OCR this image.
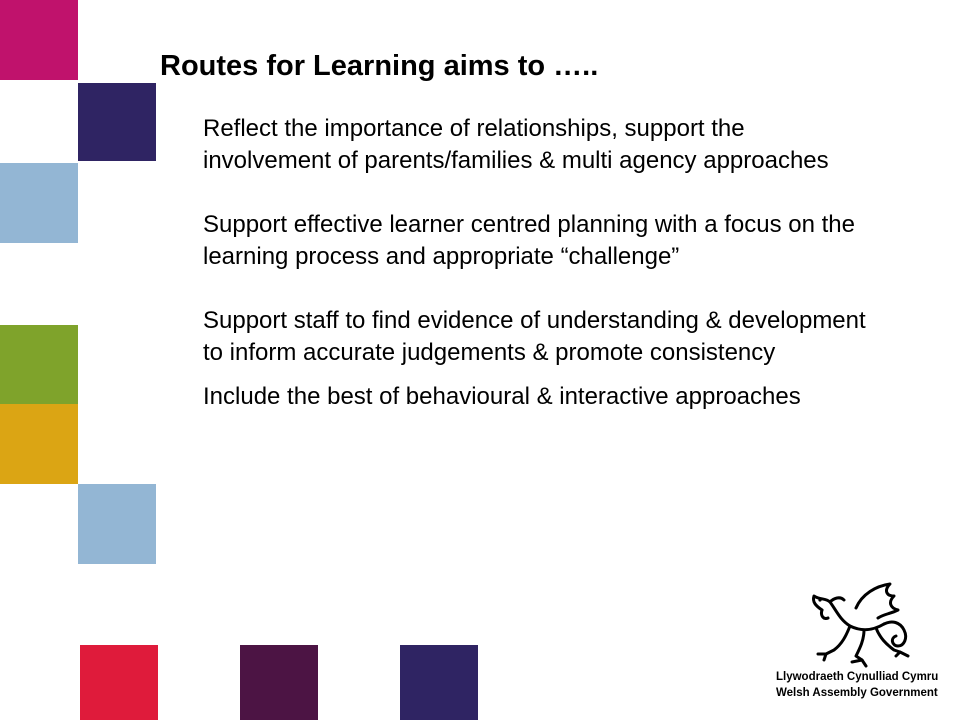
Routes for Learning aims to …..

Reflect the importance of relationships, support the involvement of parents/families & multi agency approaches

Support effective learner centred planning with a focus on the learning process and appropriate “challenge”

Support staff to find evidence of understanding & development to inform accurate judgements & promote consistency

Include the best of behavioural & interactive approaches

Llywodraeth Cynulliad Cymru
Welsh Assembly Government
